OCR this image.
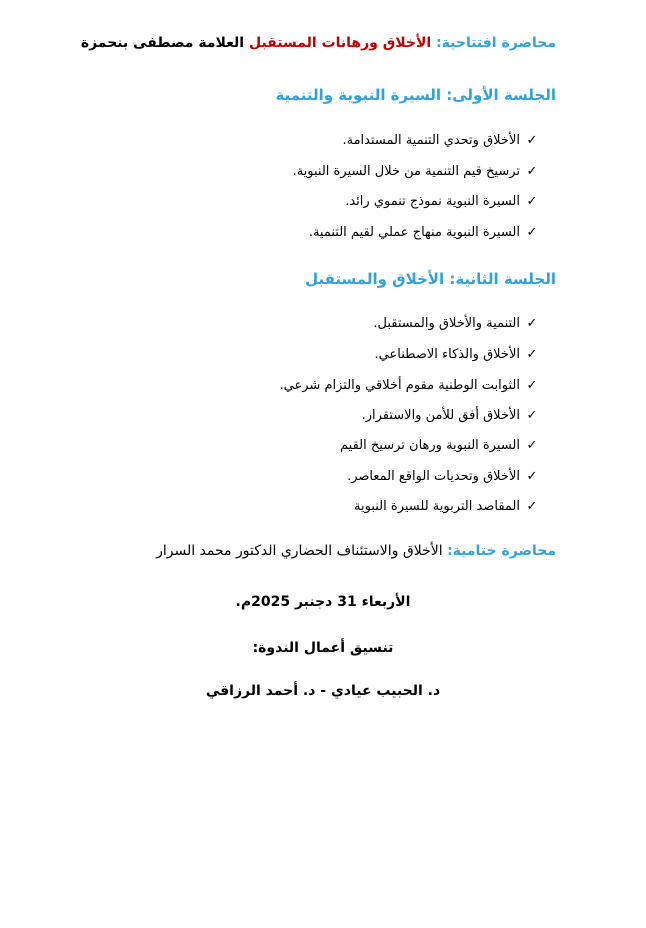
محاضرة افتتاحية: الأخلاق ورهانات المستقبل العلامة مصطفى بنحمزة
الجلسة الأولى: السيرة النبوية والتنمية
✓الأخلاق وتحدي التنمية المستدامة.
✓ترسيخ قيم التنمية من خلال السيرة النبوية.
✓السيرة النبوية نموذج تنموي رائد.
✓السيرة النبوية منهاج عملي لقيم التنمية.
الجلسة الثانية: الأخلاق والمستقبل
✓التنمية والأخلاق والمستقبل.
✓الأخلاق والذكاء الاصطناعي.
✓الثوابت الوطنية مقوم أخلاقي والتزام شرعي.
✓الأخلاق أفق للأمن والاستقرار.
✓السيرة النبوية ورهان ترسيخ القيم
✓الأخلاق وتحديات الواقع المعاصر.
✓المقاصد التربوية للسيرة النبوية
محاضرة ختامية: الأخلاق والاستئناف الحضاري الدكتور محمد السرار
الأربعاء 31 دجنبر 2025م.
تنسيق أعمال الندوة:
د. الحبيب عيادي - د. أحمد الرزاقي
